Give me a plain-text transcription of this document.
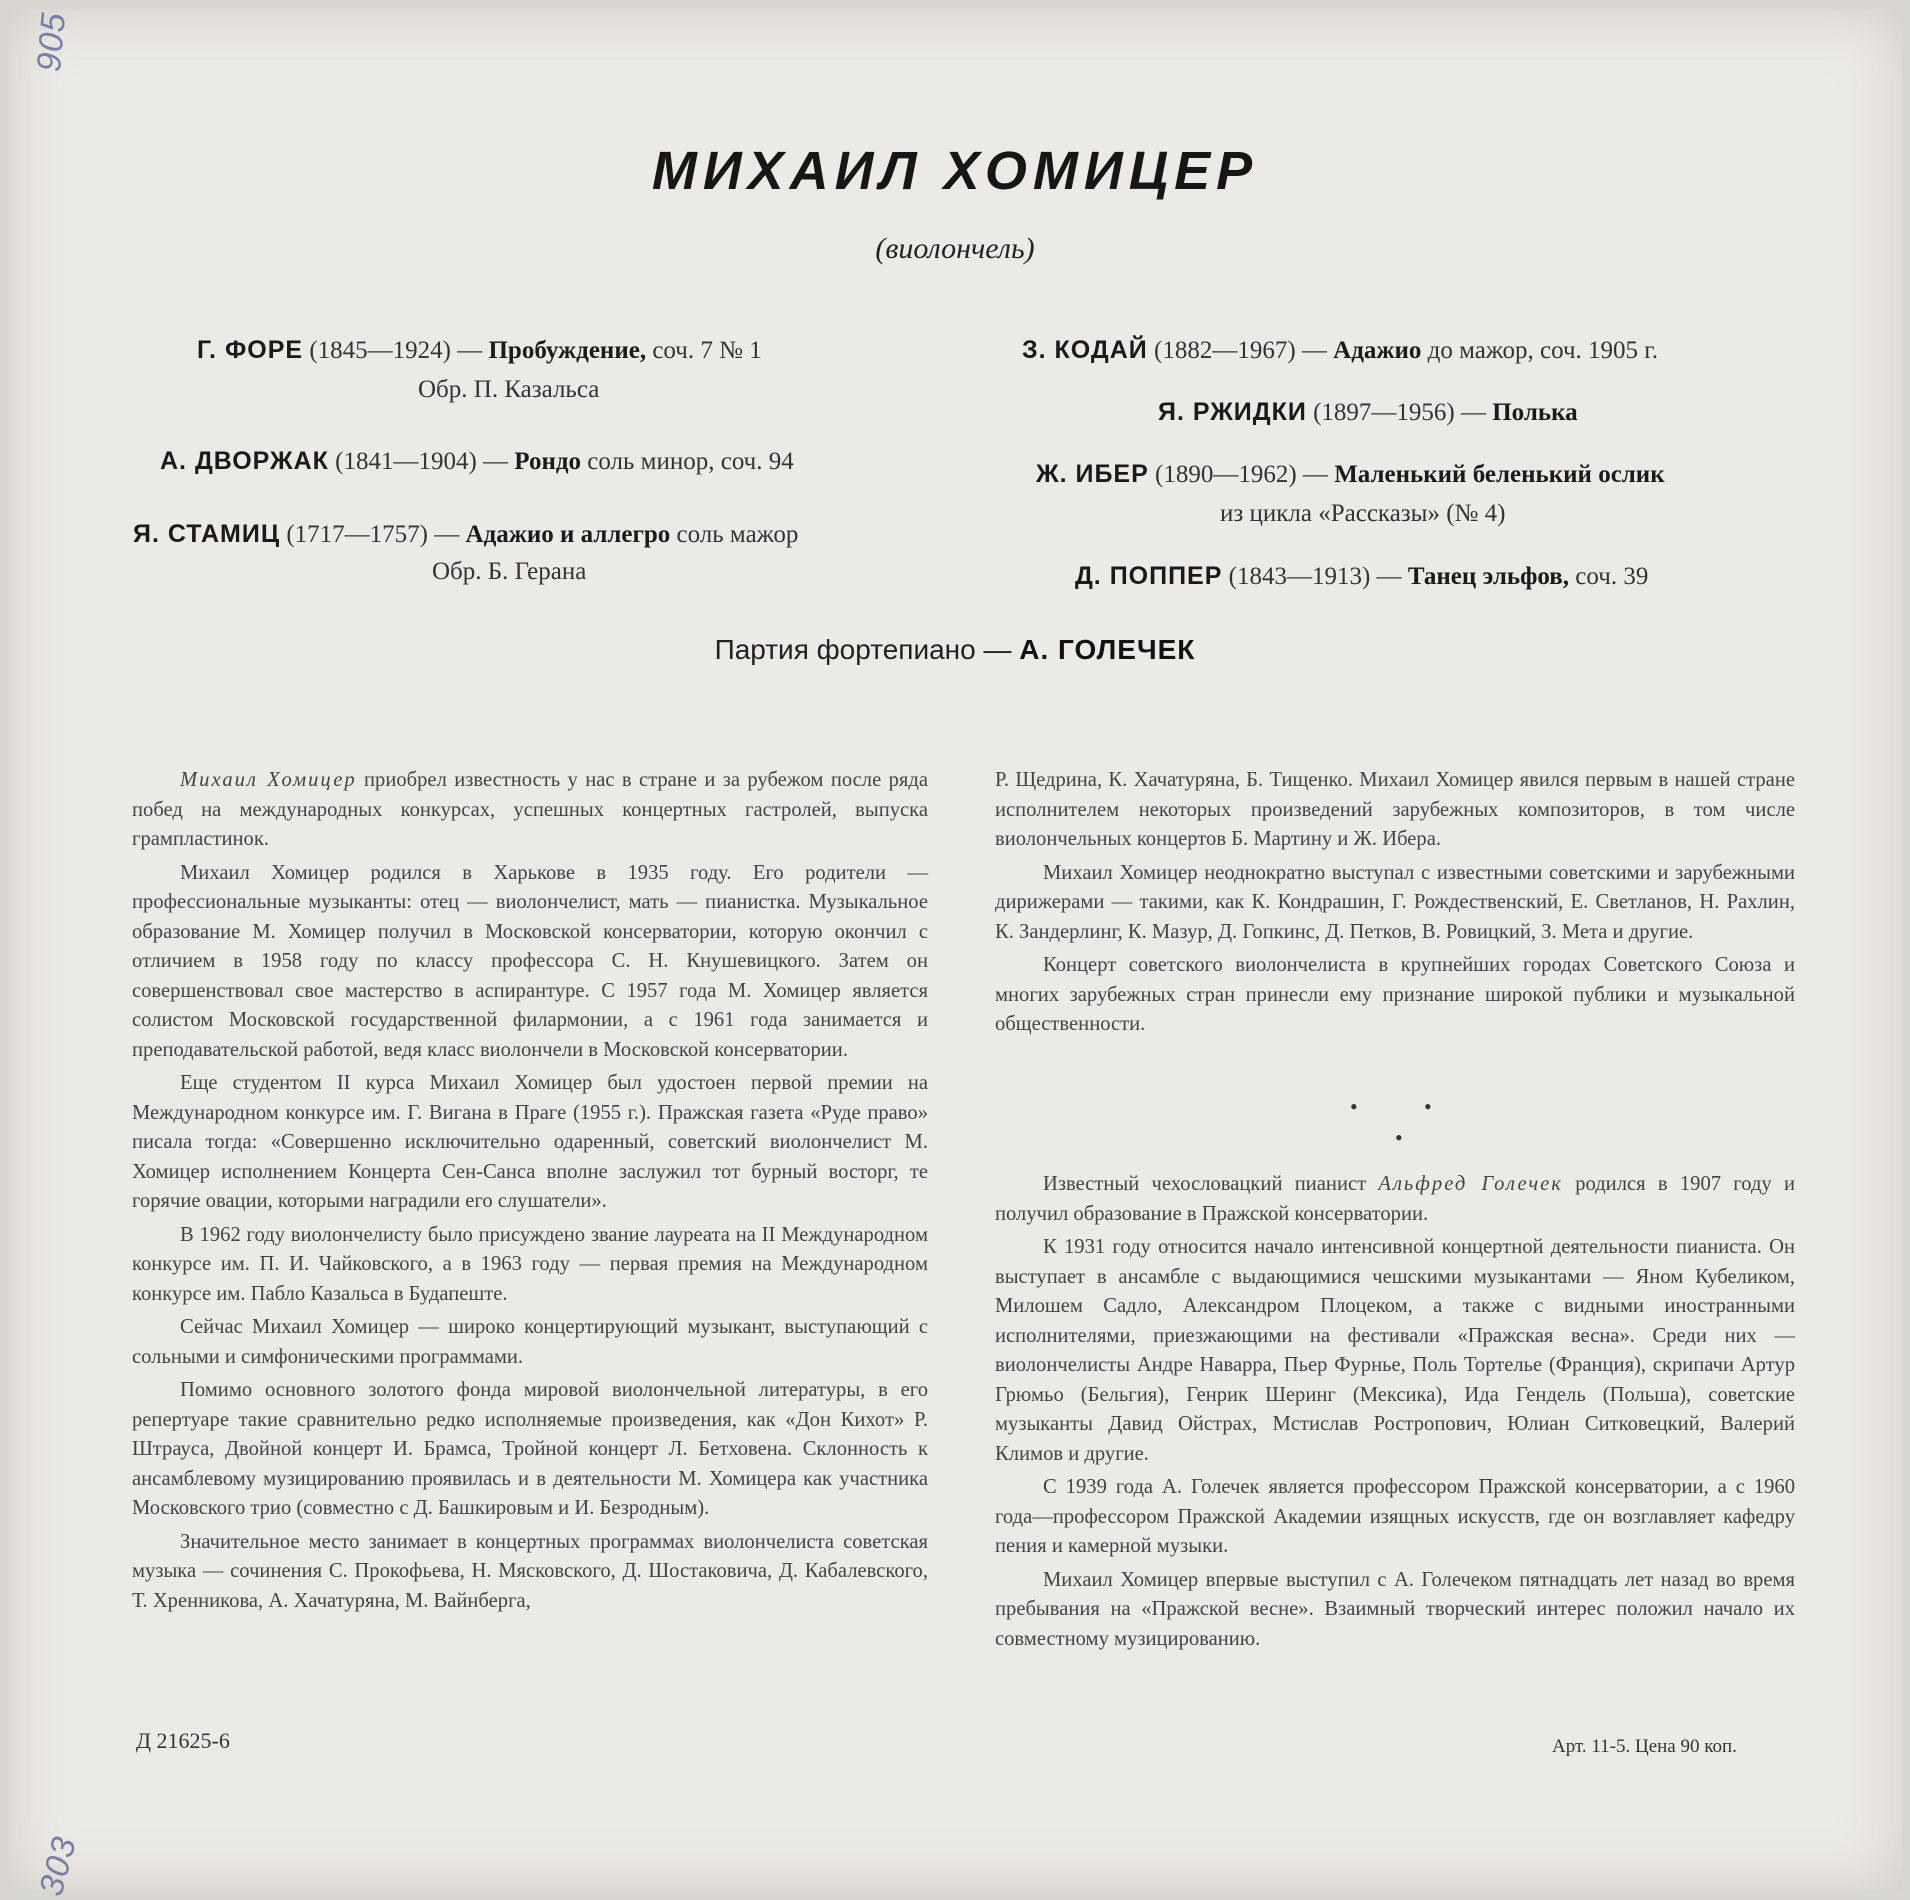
905
303
МИХАИЛ ХОМИЦЕР
(виолончель)
Г. ФОРЕ (1845—1924) — Пробуждение, соч. 7 № 1
Обр. П. Казальса
А. ДВОРЖАК (1841—1904) — Рондо соль минор, соч. 94
Я. СТАМИЦ (1717—1757) — Адажио и аллегро соль мажор
Обр. Б. Герана
З. КОДАЙ (1882—1967) — Адажио до мажор, соч. 1905 г.
Я. РЖИДКИ (1897—1956) — Полька
Ж. ИБЕР (1890—1962) — Маленький беленький ослик
из цикла «Рассказы» (№ 4)
Д. ПОППЕР (1843—1913) — Танец эльфов, соч. 39
Партия фортепиано — А. ГОЛЕЧЕК

Михаил Хомицер приобрел известность у нас в стране и за рубежом после ряда побед на международных конкурсах, успешных концертных гастролей, выпуска грампластинок.

Михаил Хомицер родился в Харькове в 1935 году. Его родители — профессиональные музыканты: отец — виолончелист, мать — пианистка. Музыкальное образование М. Хомицер получил в Московской консерватории, которую окончил с отличием в 1958 году по классу профессора С. Н. Кнушевицкого. Затем он совершенствовал свое мастерство в аспирантуре. С 1957 года М. Хомицер является солистом Московской государственной филармонии, а с 1961 года занимается и преподавательской работой, ведя класс виолончели в Московской консерватории.

Еще студентом II курса Михаил Хомицер был удостоен первой премии на Международном конкурсе им. Г. Вигана в Праге (1955 г.). Пражская газета «Руде право» писала тогда: «Совершенно исключительно одаренный, советский виолончелист М. Хомицер исполнением Концерта Сен-Санса вполне заслужил тот бурный восторг, те горячие овации, которыми наградили его слушатели».

В 1962 году виолончелисту было присуждено звание лауреата на II Международном конкурсе им. П. И. Чайковского, а в 1963 году — первая премия на Международном конкурсе им. Пабло Казальса в Будапеште.

Сейчас Михаил Хомицер — широко концертирующий музыкант, выступающий с сольными и симфоническими программами.

Помимо основного золотого фонда мировой виолончельной литературы, в его репертуаре такие сравнительно редко исполняемые произведения, как «Дон Кихот» Р. Штрауса, Двойной концерт И. Брамса, Тройной концерт Л. Бетховена. Склонность к ансамблевому музицированию проявилась и в деятельности М. Хомицера как участника Московского трио (совместно с Д. Башкировым и И. Безродным).

Значительное место занимает в концертных программах виолончелиста советская музыка — сочинения С. Прокофьева, Н. Мясковского, Д. Шостаковича, Д. Кабалевского, Т. Хренникова, А. Хачатуряна, М. Вайнберга,

Р. Щедрина, К. Хачатуряна, Б. Тищенко. Михаил Хомицер явился первым в нашей стране исполнителем некоторых произведений зарубежных композиторов, в том числе виолончельных концертов Б. Мартину и Ж. Ибера.

Михаил Хомицер неоднократно выступал с известными советскими и зарубежными дирижерами — такими, как К. Кондрашин, Г. Рождественский, Е. Светланов, Н. Рахлин, К. Зандерлинг, К. Мазур, Д. Гопкинс, Д. Петков, В. Ровицкий, З. Мета и другие.

Концерт советского виолончелиста в крупнейших городах Советского Союза и многих зарубежных стран принесли ему признание широкой публики и музыкальной общественности.

•	•
•

Известный чехословацкий пианист Альфред Голечек родился в 1907 году и получил образование в Пражской консерватории.

К 1931 году относится начало интенсивной концертной деятельности пианиста. Он выступает в ансамбле с выдающимися чешскими музыкантами — Яном Кубеликом, Милошем Садло, Александром Плоцеком, а также с видными иностранными исполнителями, приезжающими на фестивали «Пражская весна». Среди них — виолончелисты Андре Наварра, Пьер Фурнье, Поль Тортелье (Франция), скрипачи Артур Грюмьо (Бельгия), Генрик Шеринг (Мексика), Ида Гендель (Польша), советские музыканты Давид Ойстрах, Мстислав Ростропович, Юлиан Ситковецкий, Валерий Климов и другие.

С 1939 года А. Голечек является профессором Пражской консерватории, а с 1960 года—профессором Пражской Академии изящных искусств, где он возглавляет кафедру пения и камерной музыки.

Михаил Хомицер впервые выступил с А. Голечеком пятнадцать лет назад во время пребывания на «Пражской весне». Взаимный творческий интерес положил начало их совместному музицированию.

Д 21625-6	Арт. 11-5. Цена 90 коп.
